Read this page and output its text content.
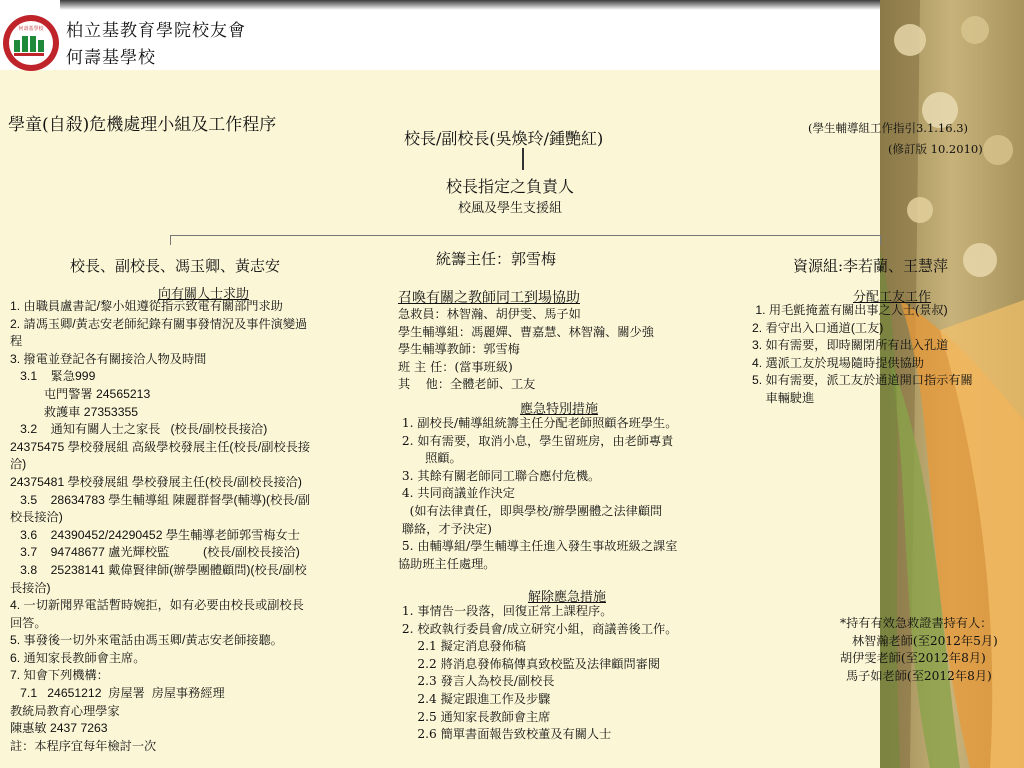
何壽基學校 柏立基教育學院校友會
何壽基學校
學童(自殺)危機處理小組及工作程序	(學生輔導組工作指引3.1.16.3)
(修訂版 10.2010)
校長/副校長(吳煥玲/鍾艷紅)
校長指定之負責人
校風及學生支援組
校長、副校長、馮玉卿、黃志安	統籌主任：郭雪梅	資源組:李若蘭、王慧萍
向有關人士求助
1. 由職員盧書記/黎小姐遵從指示致電有關部門求助
2. 請馮玉卿/黃志安老師紀錄有關事發情況及事件演變過
程
3. 撥電並登記各有關接洽人物及時間
3.1    緊急999
屯門警署 24565213
救護車 27353355
3.2    通知有關人士之家長   (校長/副校長接洽)
24375475 學校發展組 高級學校發展主任(校長/副校長接
洽)
24375481 學校發展組 學校發展主任(校長/副校長接洽)
3.5    28634783 學生輔導組 陳麗群督學(輔導)(校長/副
校長接洽)
3.6    24390452/24290452 學生輔導老師郭雪梅女士
3.7    94748677 盧光輝校監          (校長/副校長接洽)
3.8    25238141 戴偉賢律師(辦學團體顧問)(校長/副校
長接洽)
4. 一切新聞界電話暫時婉拒，如有必要由校長或副校長
回答。
5. 事發後一切外來電話由馮玉卿/黃志安老師接聽。
6. 通知家長教師會主席。
7. 知會下列機構：
7.1   24651212  房屋署  房屋事務經理
教統局教育心理學家
陳惠敏 2437 7263
註：本程序宜每年檢討一次
召喚有關之教師同工到場協助
急救員：林智瀚、胡伊雯、馬子如
學生輔導組：馮麗嬋、曹嘉慧、林智瀚、關少強
學生輔導教師：郭雪梅
班 主 任：(當事班級)
其    他：全體老師、工友
應急特別措施
1. 副校長/輔導組統籌主任分配老師照顧各班學生。
2. 如有需要，取消小息，學生留班房，由老師專責
照顧。
3. 其餘有關老師同工聯合應付危機。
4. 共同商議並作決定
(如有法律責任，即與學校/辦學團體之法律顧問
聯絡，才予決定)
5. 由輔導組/學生輔導主任進入發生事故班級之課室
協助班主任處理。
解除應急措施
1. 事情告一段落，回復正常上課程序。
2. 校政執行委員會/成立研究小組，商議善後工作。
2.1 擬定消息發佈稿
2.2 將消息發佈稿傳真致校監及法律顧問審閱
2.3 發言人為校長/副校長
2.4 擬定跟進工作及步驟
2.5 通知家長教師會主席
2.6 簡單書面報告致校董及有關人士
分配工友工作
1. 用毛氈掩蓋有關出事之人士(景叔)
2. 看守出入口通道(工友)
3. 如有需要，即時關閉所有出入孔道
4. 選派工友於現場隨時提供協助
5. 如有需要，派工友於通道開口指示有關
車輛駛進
*持有有效急救證書持有人：
林智瀚老師(至2012年5月)
胡伊雯老師(至2012年8月)
馬子如老師(至2012年8月)
